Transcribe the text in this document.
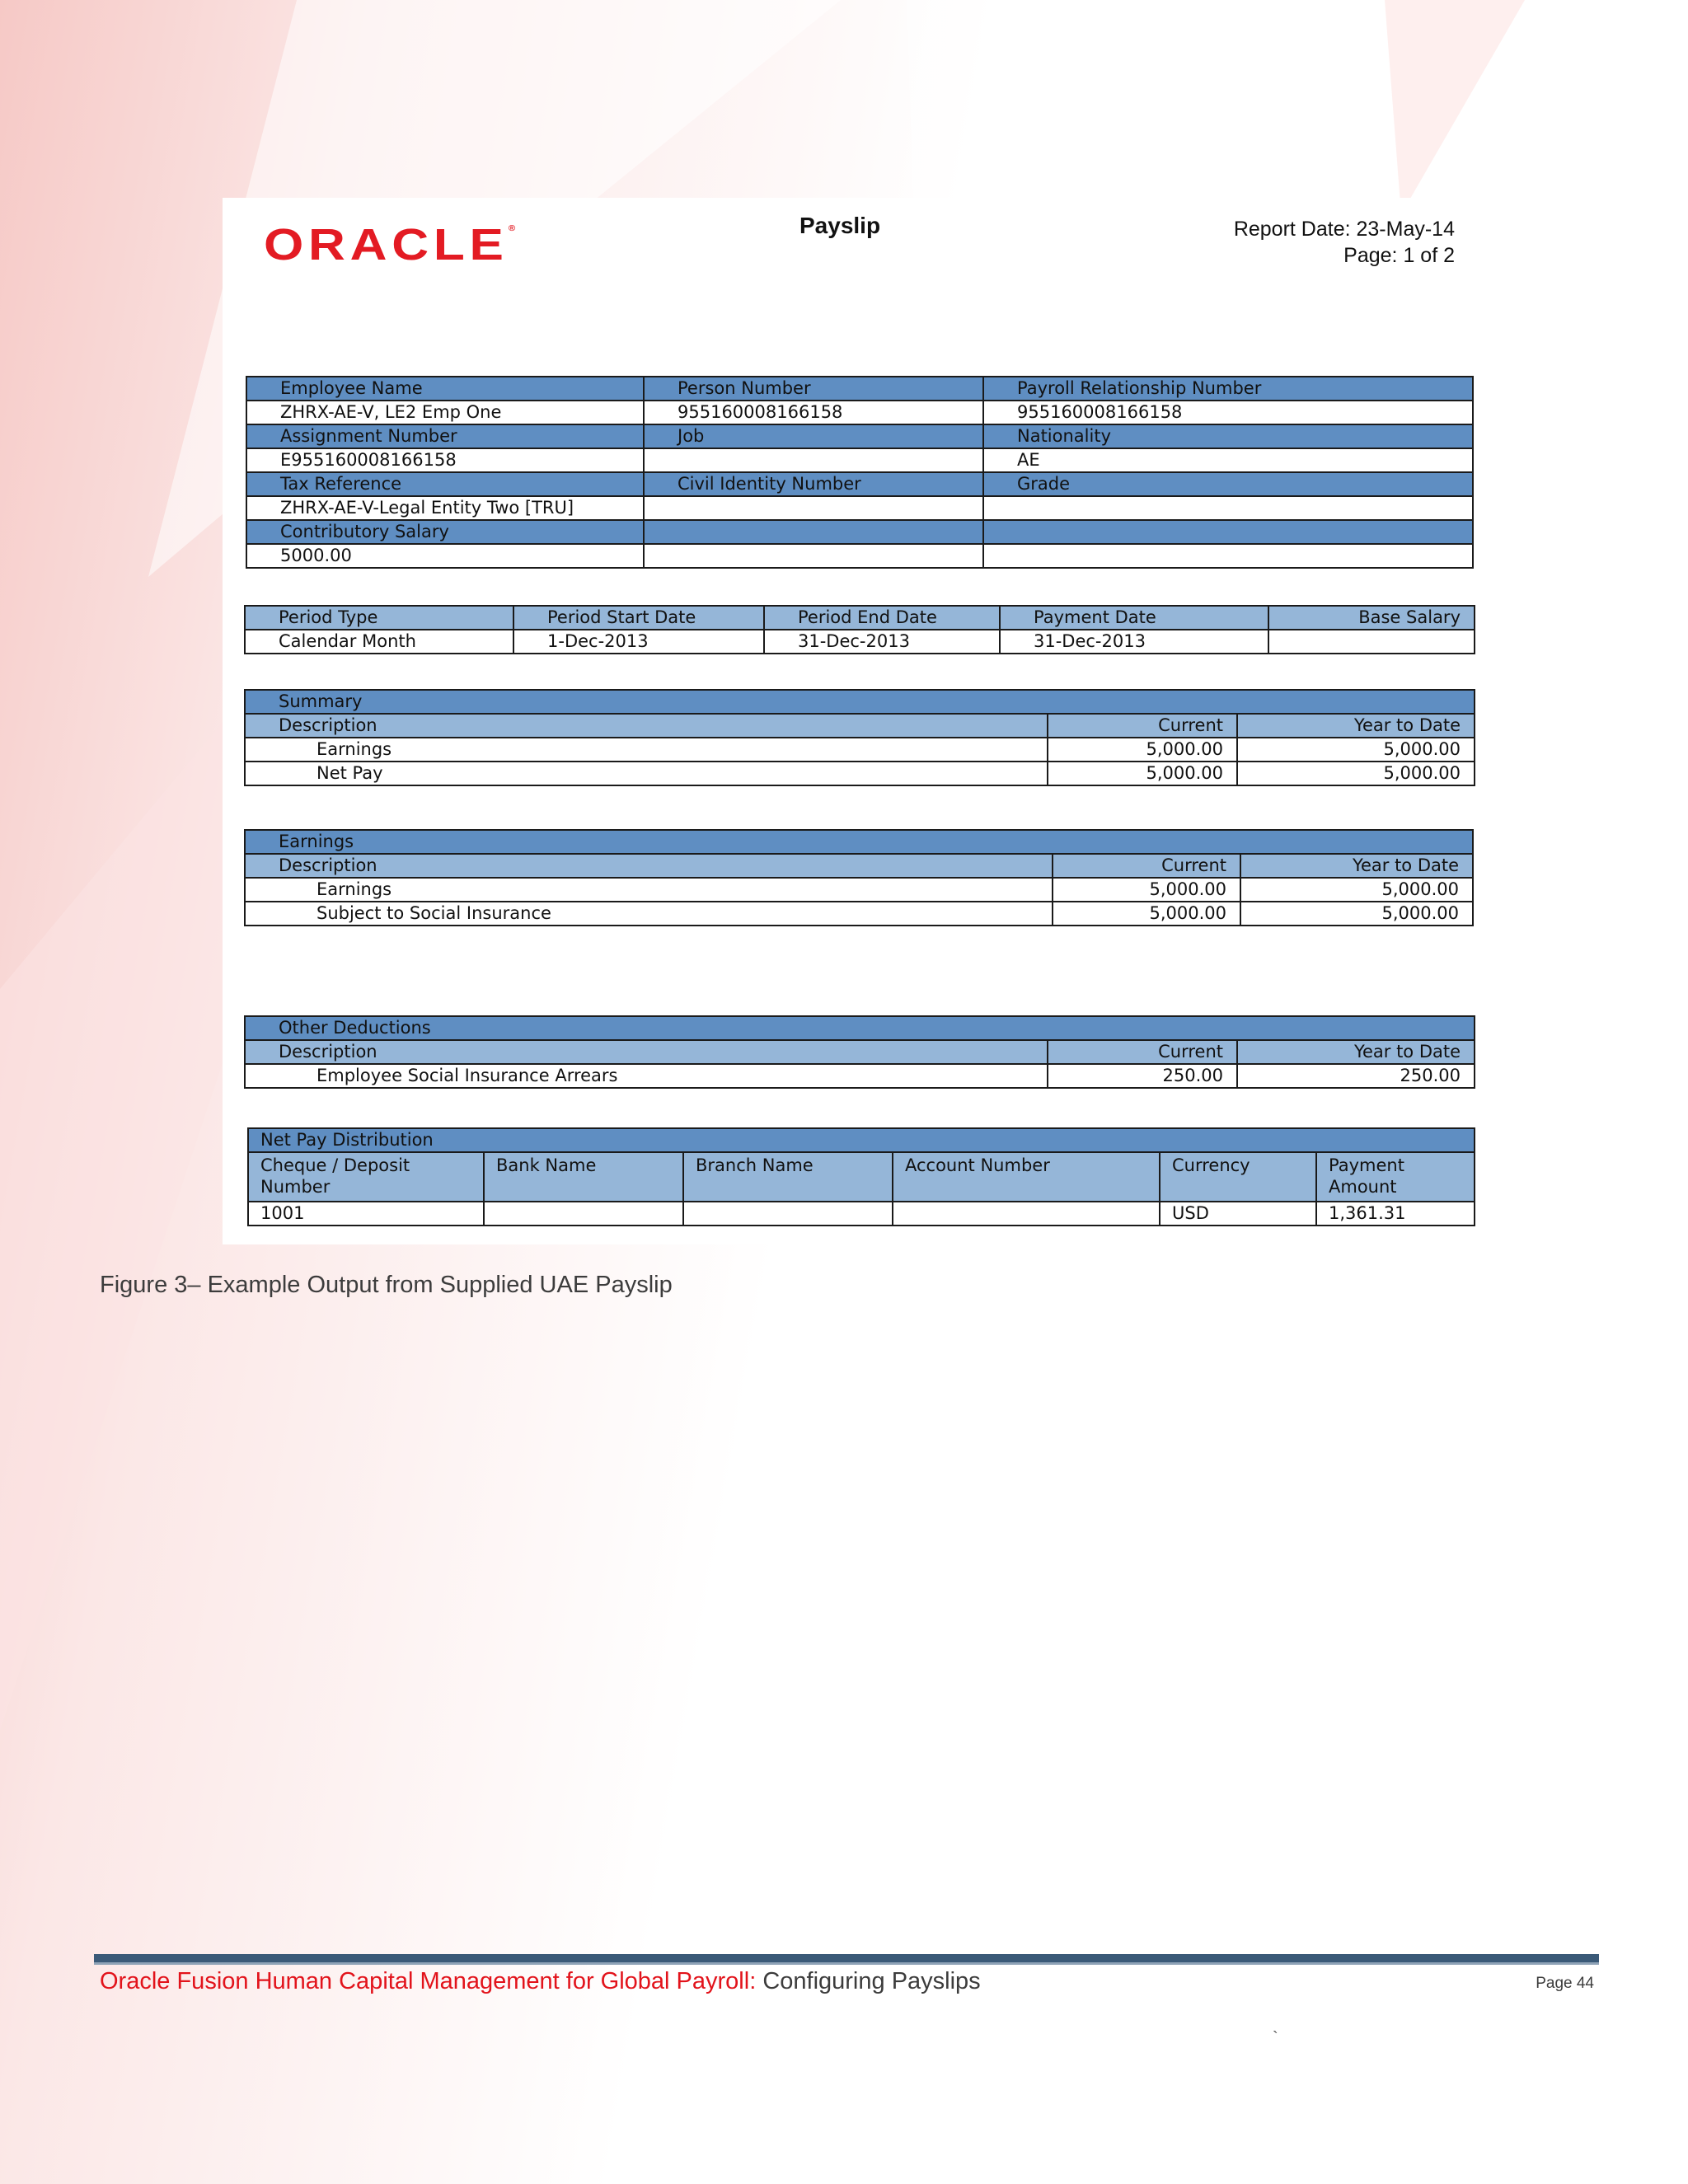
ORACLE®	Payslip	Report Date: 23-May-14
Page: 1 of 2
Employee Name	Person Number	Payroll Relationship Number
ZHRX-AE-V, LE2 Emp One	955160008166158	955160008166158
Assignment Number	Job	Nationality
E955160008166158		AE
Tax Reference	Civil Identity Number	Grade
ZHRX-AE-V-Legal Entity Two [TRU]		
Contributory Salary		
5000.00		
Period Type	Period Start Date	Period End Date	Payment Date	Base Salary
Calendar Month	1-Dec-2013	31-Dec-2013	31-Dec-2013	
Summary		
Description	Current	Year to Date
Earnings	5,000.00	5,000.00
Net Pay	5,000.00	5,000.00
Earnings		
Description	Current	Year to Date
Earnings	5,000.00	5,000.00
Subject to Social Insurance	5,000.00	5,000.00
Other Deductions		
Description	Current	Year to Date
Employee Social Insurance Arrears	250.00	250.00
Net Pay Distribution					
Cheque / Deposit Number	Bank Name	Branch Name	Account Number	Currency	Payment Amount
1001				USD	1,361.31
Figure 3– Example Output from Supplied UAE Payslip
Oracle Fusion Human Capital Management for Global Payroll: Configuring Payslips	Page 44
`
